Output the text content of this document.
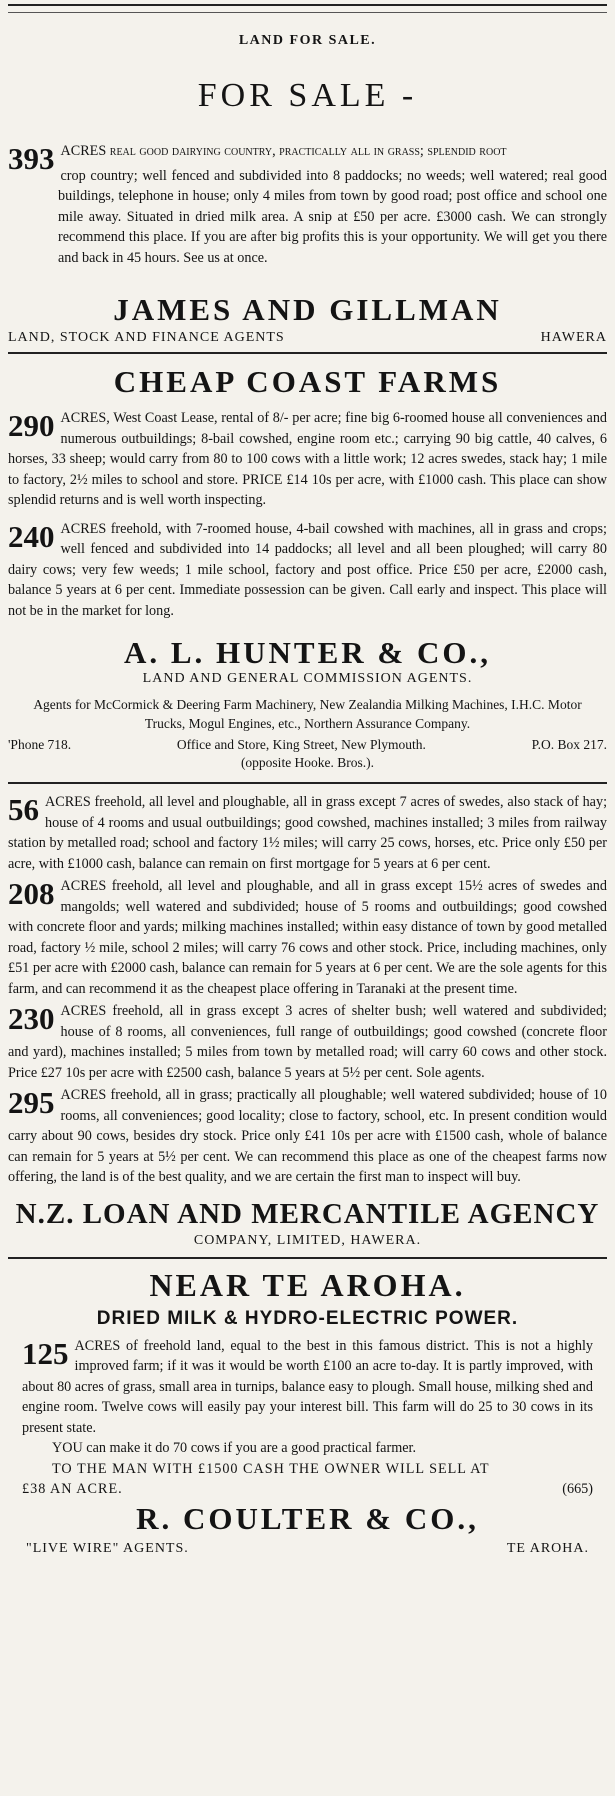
LAND FOR SALE.
FOR SALE -

393 ACRES real good dairying country, practically all in grass; splendid root

crop country; well fenced and subdivided into 8 paddocks; no weeds; well watered; real good buildings, telephone in house; only 4 miles from town by good road; post office and school one mile away. Situated in dried milk area. A snip at £50 per acre. £3000 cash. We can strongly recommend this place. If you are after big profits this is your opportunity. We will get you there and back in 45 hours. See us at once.

JAMES AND GILLMAN
LAND, STOCK AND FINANCE AGENTS	HAWERA
CHEAP COAST FARMS

290 ACRES, West Coast Lease, rental of 8/- per acre; fine big 6-roomed house all conveniences and numerous outbuildings; 8-bail cowshed, engine room etc.; carrying 90 big cattle, 40 calves, 6 horses, 33 sheep; would carry from 80 to 100 cows with a little work; 12 acres swedes, stack hay; 1 mile to factory, 2½ miles to school and store. PRICE £14 10s per acre, with £1000 cash. This place can show splendid returns and is well worth inspecting.

240 ACRES freehold, with 7-roomed house, 4-bail cowshed with machines, all in grass and crops; well fenced and subdivided into 14 paddocks; all level and all been ploughed; will carry 80 dairy cows; very few weeds; 1 mile school, factory and post office. Price £50 per acre, £2000 cash, balance 5 years at 6 per cent. Immediate possession can be given. Call early and inspect. This place will not be in the market for long.

A. L. HUNTER & CO.,
LAND AND GENERAL COMMISSION AGENTS.

Agents for McCormick & Deering Farm Machinery, New Zealandia Milking Machines, I.H.C. Motor Trucks, Mogul Engines, etc., Northern Assurance Company.

'Phone 718.	Office and Store, King Street, New Plymouth.	P.O. Box 217.
(opposite Hooke. Bros.).

56 ACRES freehold, all level and ploughable, all in grass except 7 acres of swedes, also stack of hay; house of 4 rooms and usual outbuildings; good cowshed, machines installed; 3 miles from railway station by metalled road; school and factory 1½ miles; will carry 25 cows, horses, etc. Price only £50 per acre, with £1000 cash, balance can remain on first mortgage for 5 years at 6 per cent.

208 ACRES freehold, all level and ploughable, and all in grass except 15½ acres of swedes and mangolds; well watered and subdivided; house of 5 rooms and outbuildings; good cowshed with concrete floor and yards; milking machines installed; within easy distance of town by good metalled road, factory ½ mile, school 2 miles; will carry 76 cows and other stock. Price, including machines, only £51 per acre with £2000 cash, balance can remain for 5 years at 6 per cent. We are the sole agents for this farm, and can recommend it as the cheapest place offering in Taranaki at the present time.

230 ACRES freehold, all in grass except 3 acres of shelter bush; well watered and subdivided; house of 8 rooms, all conveniences, full range of outbuildings; good cowshed (concrete floor and yard), machines installed; 5 miles from town by metalled road; will carry 60 cows and other stock. Price £27 10s per acre with £2500 cash, balance 5 years at 5½ per cent. Sole agents.

295 ACRES freehold, all in grass; practically all ploughable; well watered subdivided; house of 10 rooms, all conveniences; good locality; close to factory, school, etc. In present condition would carry about 90 cows, besides dry stock. Price only £41 10s per acre with £1500 cash, whole of balance can remain for 5 years at 5½ per cent. We can recommend this place as one of the cheapest farms now offering, the land is of the best quality, and we are certain the first man to inspect will buy.

N.Z. LOAN AND MERCANTILE AGENCY
COMPANY, LIMITED, HAWERA.
NEAR TE AROHA.
DRIED MILK & HYDRO-ELECTRIC POWER.

125 ACRES of freehold land, equal to the best in this famous district. This is not a highly improved farm; if it was it would be worth £100 an acre to-day. It is partly improved, with about 80 acres of grass, small area in turnips, balance easy to plough. Small house, milking shed and engine room. Twelve cows will easily pay your interest bill. This farm will do 25 to 30 cows in its present state.

YOU can make it do 70 cows if you are a good practical farmer.

TO THE MAN WITH £1500 CASH THE OWNER WILL SELL AT

£38 AN ACRE.	(665)
R. COULTER & CO.,
"LIVE WIRE" AGENTS.	TE AROHA.
